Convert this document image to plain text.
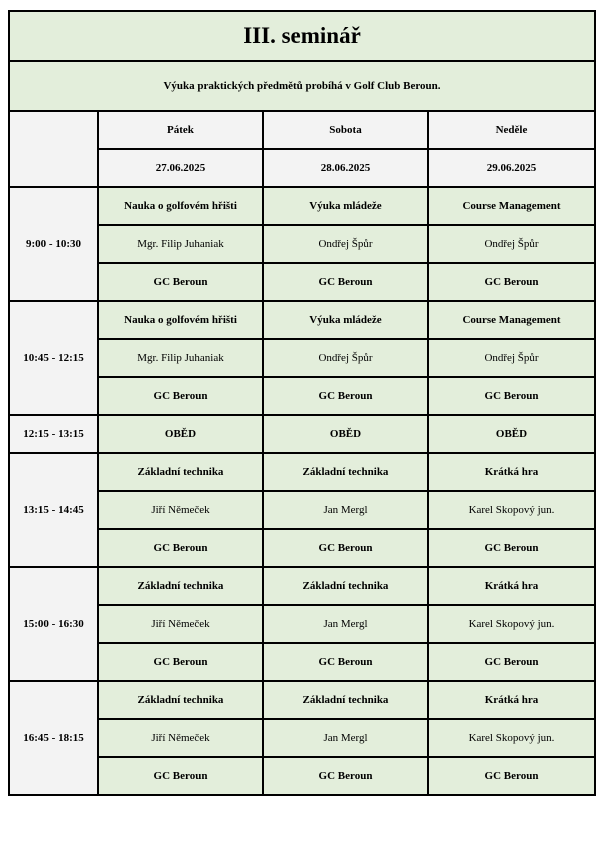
III. seminář			
Výuka praktických předmětů probíhá v Golf Club Beroun.			
	Pátek	Sobota	Neděle
	27.06.2025	28.06.2025	29.06.2025
9:00 - 10:30	Nauka o golfovém hřišti	Výuka mládeže	Course Management
	Mgr. Filip Juhaniak	Ondřej Špůr	Ondřej Špůr
	GC Beroun	GC Beroun	GC Beroun
10:45 - 12:15	Nauka o golfovém hřišti	Výuka mládeže	Course Management
	Mgr. Filip Juhaniak	Ondřej Špůr	Ondřej Špůr
	GC Beroun	GC Beroun	GC Beroun
12:15 - 13:15	OBĚD	OBĚD	OBĚD
13:15 - 14:45	Základní technika	Základní technika	Krátká hra
	Jiří Němeček	Jan Mergl	Karel Skopový jun.
	GC Beroun	GC Beroun	GC Beroun
15:00 - 16:30	Základní technika	Základní technika	Krátká hra
	Jiří Němeček	Jan Mergl	Karel Skopový jun.
	GC Beroun	GC Beroun	GC Beroun
16:45 - 18:15	Základní technika	Základní technika	Krátká hra
	Jiří Němeček	Jan Mergl	Karel Skopový jun.
	GC Beroun	GC Beroun	GC Beroun
